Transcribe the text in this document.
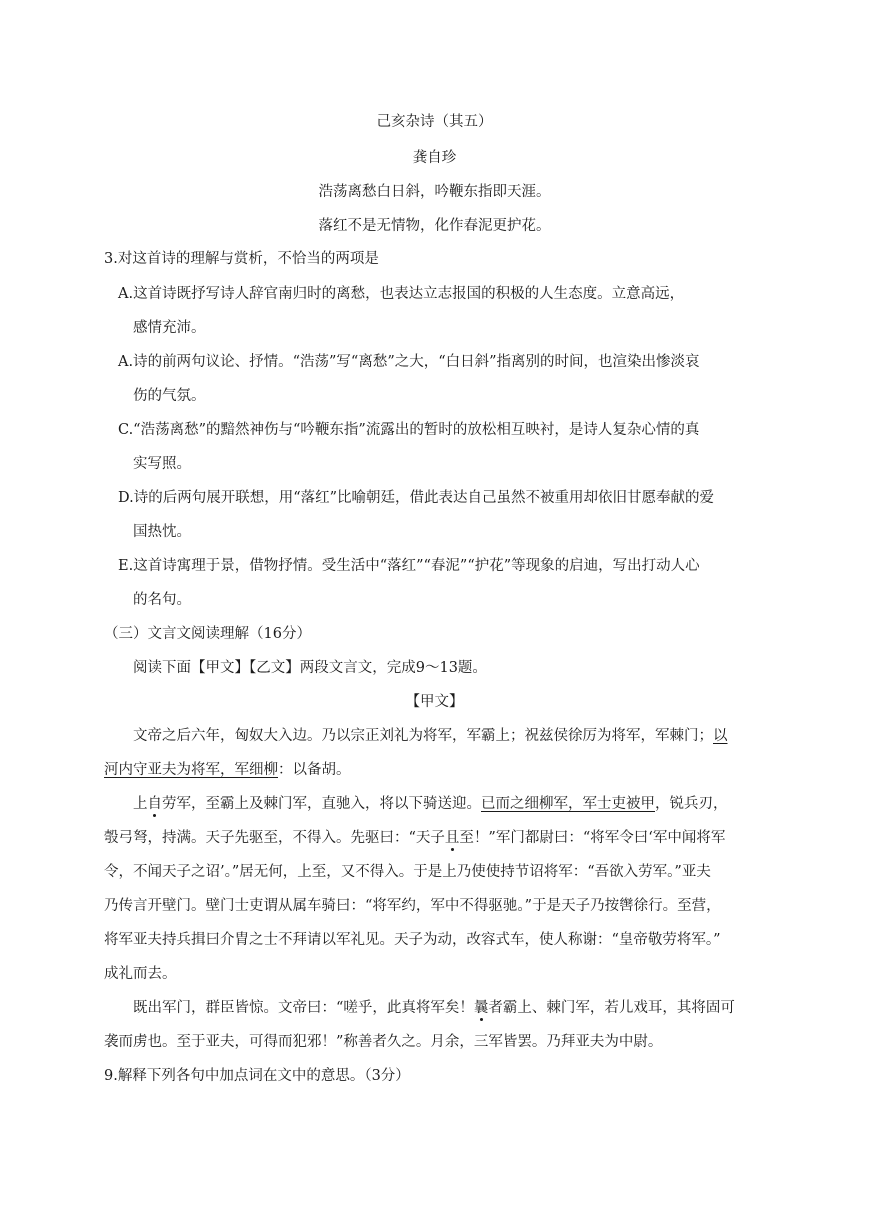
己亥杂诗（其五）
龚自珍
浩荡离愁白日斜，吟鞭东指即天涯。
落红不是无情物，化作春泥更护花。
3.对这首诗的理解与赏析，不恰当的两项是
A.这首诗既抒写诗人辞官南归时的离愁，也表达立志报国的积极的人生态度。立意高远，
感情充沛。
A.诗的前两句议论、抒情。“浩荡”写“离愁”之大，“白日斜”指离别的时间，也渲染出惨淡哀
伤的气氛。
C.“浩荡离愁”的黯然神伤与“吟鞭东指”流露出的暂时的放松相互映衬，是诗人复杂心情的真
实写照。
D.诗的后两句展开联想，用“落红”比喻朝廷，借此表达自己虽然不被重用却依旧甘愿奉献的爱
国热忱。
E.这首诗寓理于景，借物抒情。受生活中“落红”“春泥”“护花”等现象的启迪，写出打动人心
的名句。
（三）文言文阅读理解（16分）
阅读下面【甲文】【乙文】两段文言文，完成9～13题。
【甲文】
文帝之后六年，匈奴大入边。乃以宗正刘礼为将军，军霸上；祝兹侯徐厉为将军，军棘门；以
河内守亚夫为将军，军细柳：以备胡。
上自劳军，至霸上及棘门军，直驰入，将以下骑送迎。已而之细柳军，军士吏被甲，锐兵刃，
彀弓弩，持满。天子先驱至，不得入。先驱曰：“天子且至！”军门都尉曰：“将军令曰‘军中闻将军
令，不闻天子之诏’。”居无何，上至，又不得入。于是上乃使使持节诏将军：“吾欲入劳军。”亚夫
乃传言开壁门。壁门士吏谓从属车骑曰：“将军约，军中不得驱驰。”于是天子乃按辔徐行。至营，
将军亚夫持兵揖曰介胄之士不拜请以军礼见。天子为动，改容式车，使人称谢：“皇帝敬劳将军。”
成礼而去。
既出军门，群臣皆惊。文帝曰：“嗟乎，此真将军矣！曩者霸上、棘门军，若儿戏耳，其将固可
袭而虏也。至于亚夫，可得而犯邪！”称善者久之。月余，三军皆罢。乃拜亚夫为中尉。
9.解释下列各句中加点词在文中的意思。（3分）
